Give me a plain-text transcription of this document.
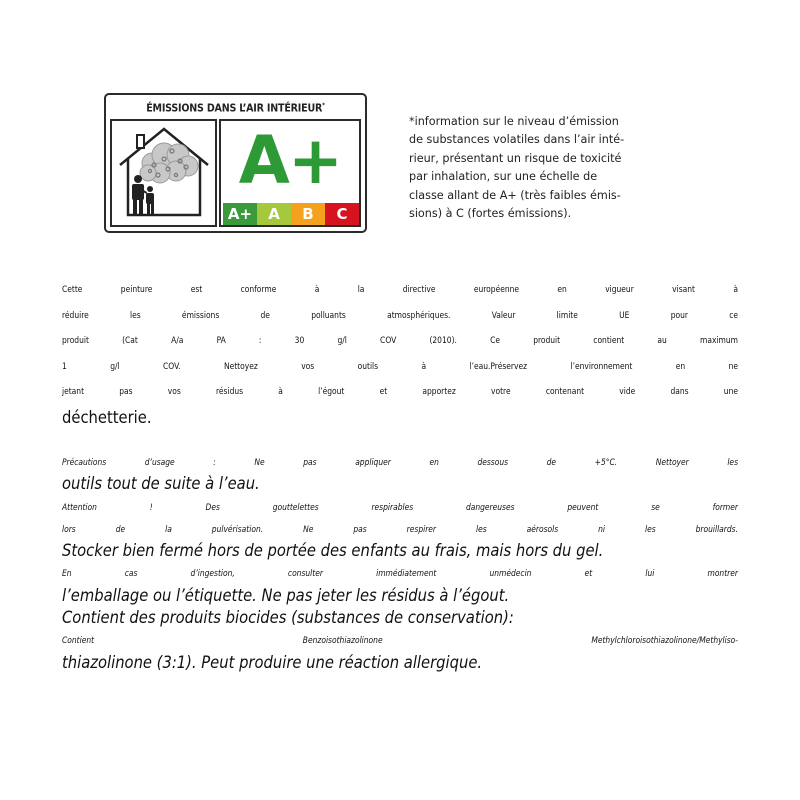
ÉMISSIONS DANS L’AIR INTÉRIEUR*
A+
A+	A	B	C
*information sur le niveau d’émission
de substances volatiles dans l’air inté-
rieur, présentant un risque de toxicité
par inhalation, sur une échelle de
classe allant de A+ (très faibles émis-
sions) à C (fortes émissions).
Cette peinture est conforme à la directive européenne en vigueur visant à
réduire les émissions de polluants atmosphériques. Valeur limite UE pour ce
produit (Cat A/a PA : 30 g/l COV (2010). Ce produit contient au maximum
1 g/l COV. Nettoyez vos outils à l’eau.Préservez l’environnement en ne
jetant pas vos résidus à l’égout et apportez votre contenant vide dans une
déchetterie.
Précautions d’usage : Ne pas appliquer en dessous de +5°C. Nettoyer les
outils tout de suite à l’eau.
Attention ! Des gouttelettes respirables dangereuses peuvent se former
lors de la pulvérisation. Ne pas respirer les aérosols ni les brouillards.
Stocker bien fermé hors de portée des enfants au frais, mais hors du gel.
En cas d’ingestion, consulter immédiatement unmédecin et lui montrer
l’emballage ou l’étiquette. Ne pas jeter les résidus à l’égout.
Contient des produits biocides (substances de conservation):
Contient Benzoisothiazolinone Methylchloroisothiazolinone/Methyliso-
thiazolinone (3:1). Peut produire une réaction allergique.
